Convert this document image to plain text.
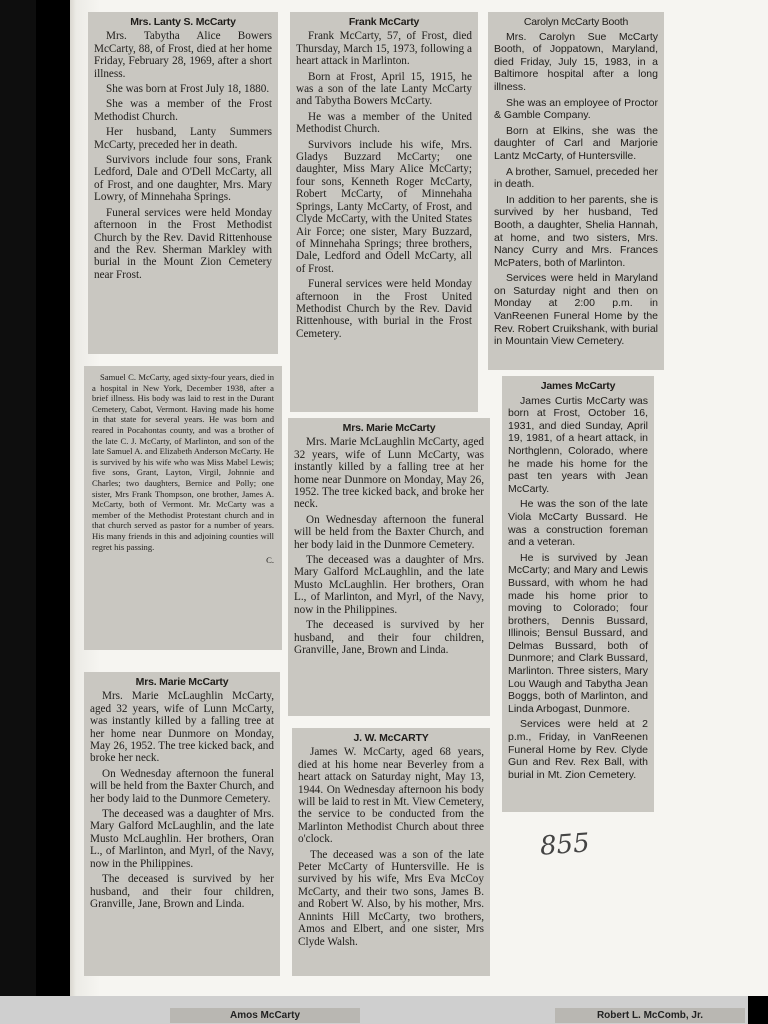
Mrs. Lanty S. McCarty
Mrs. Tabytha Alice Bowers McCarty, 88, of Frost, died at her home Friday, February 28, 1969, after a short illness.
She was born at Frost July 18, 1880.
She was a member of the Frost Methodist Church.
Her husband, Lanty Summers McCarty, preceded her in death.
Survivors include four sons, Frank Ledford, Dale and O'Dell McCarty, all of Frost, and one daughter, Mrs. Mary Lowry, of Minnehaha Springs.
Funeral services were held Monday afternoon in the Frost Methodist Church by the Rev. David Rittenhouse and the Rev. Sherman Markley with burial in the Mount Zion Cemetery near Frost.
Samuel C. McCarty, aged sixty-four years, died in a hospital in New York, December 1938, after a brief illness. His body was laid to rest in the Durant Cemetery, Cabot, Vermont. Having made his home in that state for several years. He was born and reared in Pocahontas county, and was a brother of the late C. J. McCarty, of Marlinton, and son of the late Samuel A. and Elizabeth Anderson McCarty. He is survived by his wife who was Miss Mabel Lewis; five sons, Grant, Layton, Virgil, Johnnie and Charles; two daughters, Bernice and Polly; one sister, Mrs Frank Thompson, one brother, James A. McCarty, both of Vermont. Mr. McCarty was a member of the Methodist Protestant church and in that church served as pastor for a number of years. His many friends in this and adjoining counties will regret his passing.
C.
Mrs. Marie McCarty
Mrs. Marie McLaughlin McCarty, aged 32 years, wife of Lunn McCarty, was instantly killed by a falling tree at her home near Dunmore on Monday, May 26, 1952. The tree kicked back, and broke her neck.
On Wednesday afternoon the funeral will be held from the Baxter Church, and her body laid to the Dunmore Cemetery.
The deceased was a daughter of Mrs. Mary Galford McLaughlin, and the late Musto McLaughlin. Her brothers, Oran L., of Marlinton, and Myrl, of the Navy, now in the Philippines.
The deceased is survived by her husband, and their four children, Granville, Jane, Brown and Linda.
Frank McCarty
Frank McCarty, 57, of Frost, died Thursday, March 15, 1973, following a heart attack in Marlinton.
Born at Frost, April 15, 1915, he was a son of the late Lanty McCarty and Tabytha Bowers McCarty.
He was a member of the United Methodist Church.
Survivors include his wife, Mrs. Gladys Buzzard McCarty; one daughter, Miss Mary Alice McCarty; four sons, Kenneth Roger McCarty, Robert McCarty, of Minnehaha Springs, Lanty McCarty, of Frost, and Clyde McCarty, with the United States Air Force; one sister, Mary Buzzard, of Minnehaha Springs; three brothers, Dale, Ledford and Odell McCarty, all of Frost.
Funeral services were held Monday afternoon in the Frost United Methodist Church by the Rev. David Rittenhouse, with burial in the Frost Cemetery.
Mrs. Marie McCarty
Mrs. Marie McLaughlin McCarty, aged 32 years, wife of Lunn McCarty, was instantly killed by a falling tree at her home near Dunmore on Monday, May 26, 1952. The tree kicked back, and broke her neck.
On Wednesday afternoon the funeral will be held from the Baxter Church, and her body laid in the Dunmore Cemetery.
The deceased was a daughter of Mrs. Mary Galford McLaughlin, and the late Musto McLaughlin. Her brothers, Oran L., of Marlinton, and Myrl, of the Navy, now in the Philippines.
The deceased is survived by her husband, and their four children, Granville, Jane, Brown and Linda.
J. W. McCARTY
James W. McCarty, aged 68 years, died at his home near Beverley from a heart attack on Saturday night, May 13, 1944. On Wednesday afternoon his body will be laid to rest in Mt. View Cemetery, the service to be conducted from the Marlinton Methodist Church about three o'clock.
The deceased was a son of the late Peter McCarty of Huntersville. He is survived by his wife, Mrs Eva McCoy McCarty, and their two sons, James B. and Robert W. Also, by his mother, Mrs. Annints Hill McCarty, two brothers, Amos and Elbert, and one sister, Mrs Clyde Walsh.
Carolyn McCarty Booth
Mrs. Carolyn Sue McCarty Booth, of Joppatown, Maryland, died Friday, July 15, 1983, in a Baltimore hospital after a long illness.
She was an employee of Proctor & Gamble Company.
Born at Elkins, she was the daughter of Carl and Marjorie Lantz McCarty, of Huntersville.
A brother, Samuel, preceded her in death.
In addition to her parents, she is survived by her husband, Ted Booth, a daughter, Shelia Hannah, at home, and two sisters, Mrs. Nancy Curry and Mrs. Frances McPaters, both of Marlinton.
Services were held in Maryland on Saturday night and then on Monday at 2:00 p.m. in VanReenen Funeral Home by the Rev. Robert Cruikshank, with burial in Mountain View Cemetery.
James McCarty
James Curtis McCarty was born at Frost, October 16, 1931, and died Sunday, April 19, 1981, of a heart attack, in Northglenn, Colorado, where he made his home for the past ten years with Jean McCarty.
He was the son of the late Viola McCarty Bussard. He was a construction foreman and a veteran.
He is survived by Jean McCarty; and Mary and Lewis Bussard, with whom he had made his home prior to moving to Colorado; four brothers, Dennis Bussard, Illinois; Bensul Bussard, and Delmas Bussard, both of Dunmore; and Clark Bussard, Marlinton. Three sisters, Mary Lou Waugh and Tabytha Jean Boggs, both of Marlinton, and Linda Arbogast, Dunmore.
Services were held at 2 p.m., Friday, in VanReenen Funeral Home by Rev. Clyde Gun and Rev. Rex Ball, with burial in Mt. Zion Cemetery.
855
Amos McCarty	Robert L. McComb, Jr.
